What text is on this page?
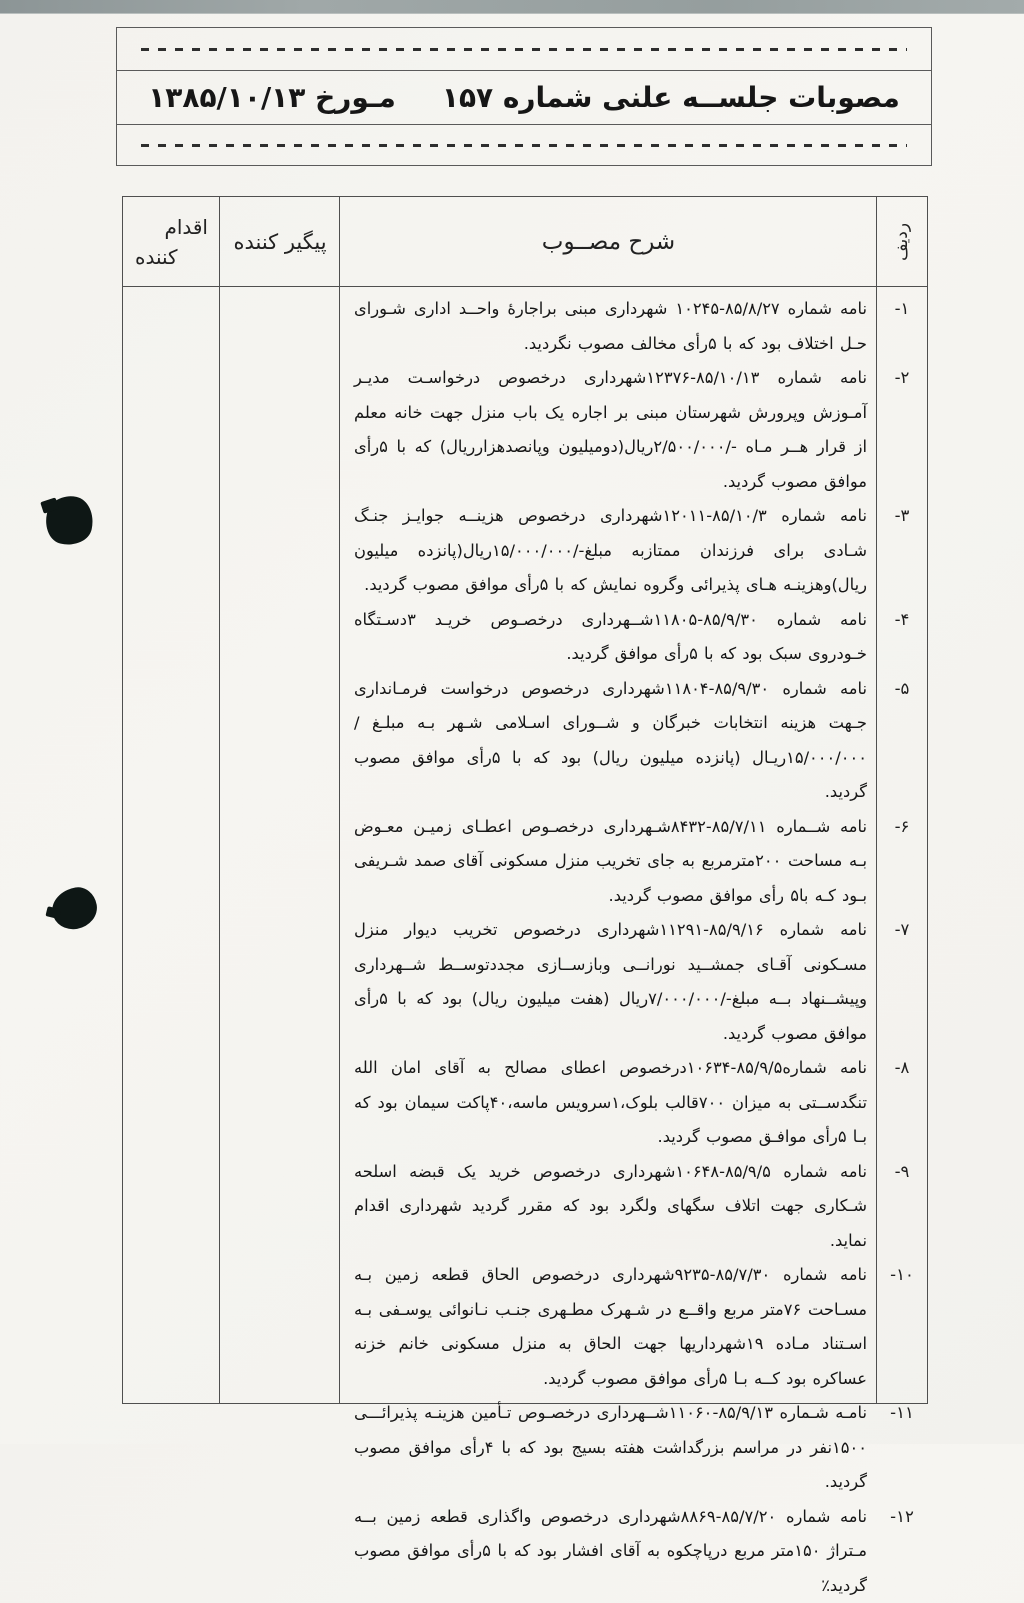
مصوبات جلســه علنی شماره ۱۵۷
مـورخ ۱۳۸۵/۱۰/۱۳
ردیف
شرح مصــوب
پیگیر کننده
اقدام
کننده
۱-
نامه شماره ۸۵/۸/۲۷-۱۰۲۴۵ شهرداری مبنی براجارهٔ واحــد اداری شـورای حـل اختلاف بود که با ۵رأی مخالف مصوب نگردید.
۲-
نامه شماره ۸۵/۱۰/۱۳-۱۲۳۷۶شهرداری درخصوص درخواسـت مدیـر آمـوزش وپرورش شهرستان مبنی بر اجاره یک باب منزل جهت خانه معلم از قرار هــر مـاه -/۲/۵۰۰/۰۰۰ریال(دومیلیون وپانصدهزارریال) که با ۵رأی موافق مصوب گردید.
۳-
نامه شماره ۸۵/۱۰/۳-۱۲۰۱۱شهرداری درخصوص هزینــه جوایـز جنـگ شـادی برای فرزندان ممتازبه مبلغ-/۱۵/۰۰۰/۰۰۰ریال(پانزده میلیون ریال)وهزینـه هـای پذیرائی وگروه نمایش که با ۵رأی موافق مصوب گردید.
۴-
نامه شماره ۸۵/۹/۳۰-۱۱۸۰۵شــهرداری درخصـوص خریـد ۳دسـتگاه خـودروی سبک بود که با ۵رأی موافق گردید.
۵-
نامه شماره ۸۵/۹/۳۰-۱۱۸۰۴شهرداری درخصوص درخواست فرمـانداری جـهت هزینه انتخابات خبرگان و شــورای اسـلامی شـهر بـه مبلـغ /۱۵/۰۰۰/۰۰۰ریـال (پانزده میلیون ریال) بود که با ۵رأی موافق مصوب گردید.
۶-
نامه شــماره ۸۵/۷/۱۱-۸۴۳۲شـهرداری درخصـوص اعطـای زمیـن معـوض بـه مساحت ۲۰۰مترمربع به جای تخریب منزل مسکونی آقای صمد شـریفی بـود کـه با۵ رأی موافق مصوب گردید.
۷-
نامه شماره ۸۵/۹/۱۶-۱۱۲۹۱شهرداری درخصوص تخریب دیوار منزل مسـکونی آقـای جمشــید نورانــی وبازســازی مجددتوســط شــهرداری وپیشــنهاد بــه مبلغ-/۷/۰۰۰/۰۰۰ریال (هفت میلیون ریال) بود که با ۵رأی موافق مصوب گردید.
۸-
نامه شماره۸۵/۹/۵-۱۰۶۳۴درخصوص اعطای مصالح به آقای امان الله تنگدســتی به میزان ۷۰۰قالب بلوک،۱سرویس ماسه،۴۰پاکت سیمان بود که بـا ۵رأی موافـق مصوب گردید.
۹-
نامه شماره ۸۵/۹/۵-۱۰۶۴۸شهرداری درخصوص خرید یک قبضه اسلحه شـکاری جهت اتلاف سگهای ولگرد بود که مقرر گردید شهرداری اقدام نماید.
۱۰-
نامه شماره ۸۵/۷/۳۰-۹۲۳۵شهرداری درخصوص الحاق قطعه زمین بـه مسـاحت ۷۶متر مربع واقــع در شـهرک مطـهری جنـب نـانوائی یوسـفی بـه اسـتناد مـاده ۱۹شهرداریها جهت الحاق به منزل مسکونی خانم خزنه عساکره بود کــه بـا ۵رأی موافق مصوب گردید.
۱۱-
نامـه شـماره ۸۵/۹/۱۳-۱۱۰۶۰شــهرداری درخصـوص تـأمین هزینـه پذیرائـــی ۱۵۰۰نفر در مراسم بزرگداشت هفته بسیج بود که با ۴رأی موافق مصوب گردید.
۱۲-
نامه شماره ۸۵/۷/۲۰-۸۸۶۹شهرداری درخصوص واگذاری قطعه زمین بــه مـتراژ ۱۵۰متر مربع درپاچکوه به آقای افشار بود که با ۵رأی موافق مصوب گردید٪
